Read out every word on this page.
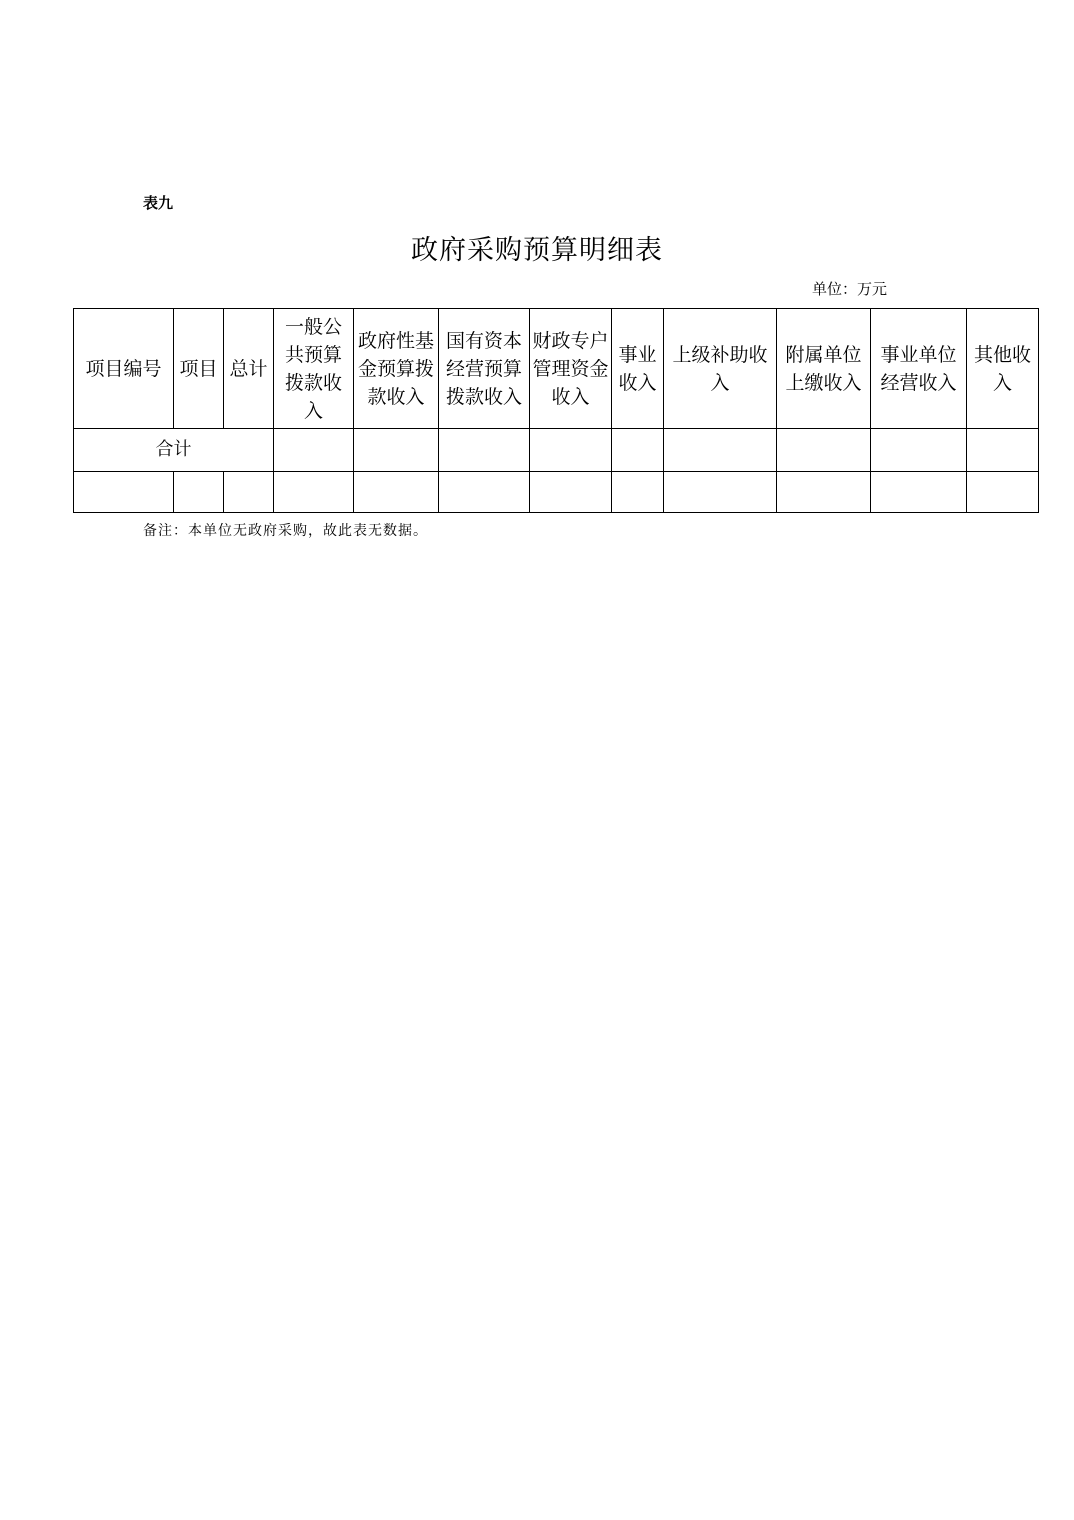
表九
政府采购预算明细表
单位：万元
项目编号	项目	总计	一般公共预算拨款收入	政府性基金预算拨款收入	国有资本经营预算拨款收入	财政专户管理资金收入	事业收入	上级补助收入	附属单位上缴收入	事业单位经营收入	其他收入
合计											

备注：本单位无政府采购，故此表无数据。
